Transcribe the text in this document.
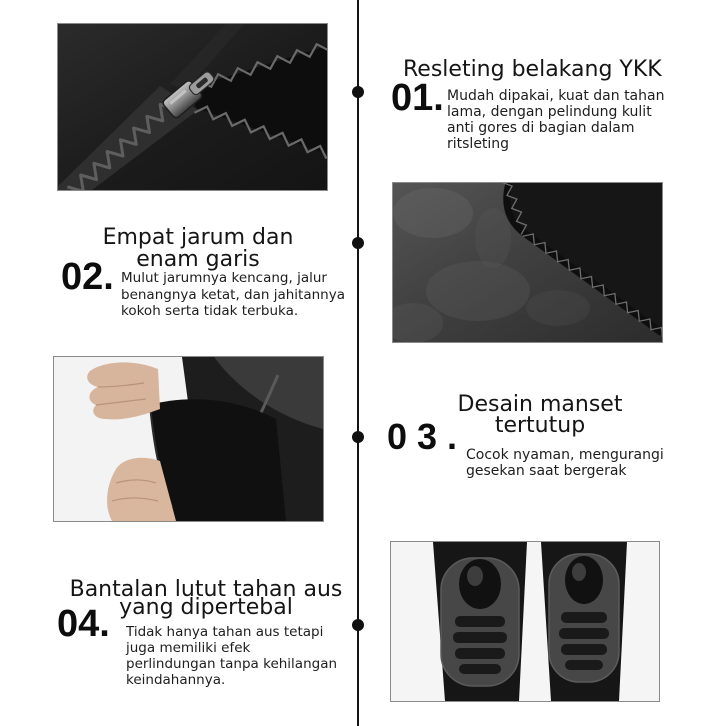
Resleting belakang YKK
01. Mudah dipakai, kuat dan tahan
lama, dengan pelindung kulit
anti gores di bagian dalam
ritsleting
Empat jarum dan
enam garis
02. Mulut jarumnya kencang, jalur
benangnya ketat, dan jahitannya
kokoh serta tidak terbuka.
Desain manset
tertutup
03.
Cocok nyaman, mengurangi
gesekan saat bergerak
Bantalan lutut tahan aus
yang dipertebal
04. Tidak hanya tahan aus tetapi
juga memiliki efek
perlindungan tanpa kehilangan
keindahannya.
